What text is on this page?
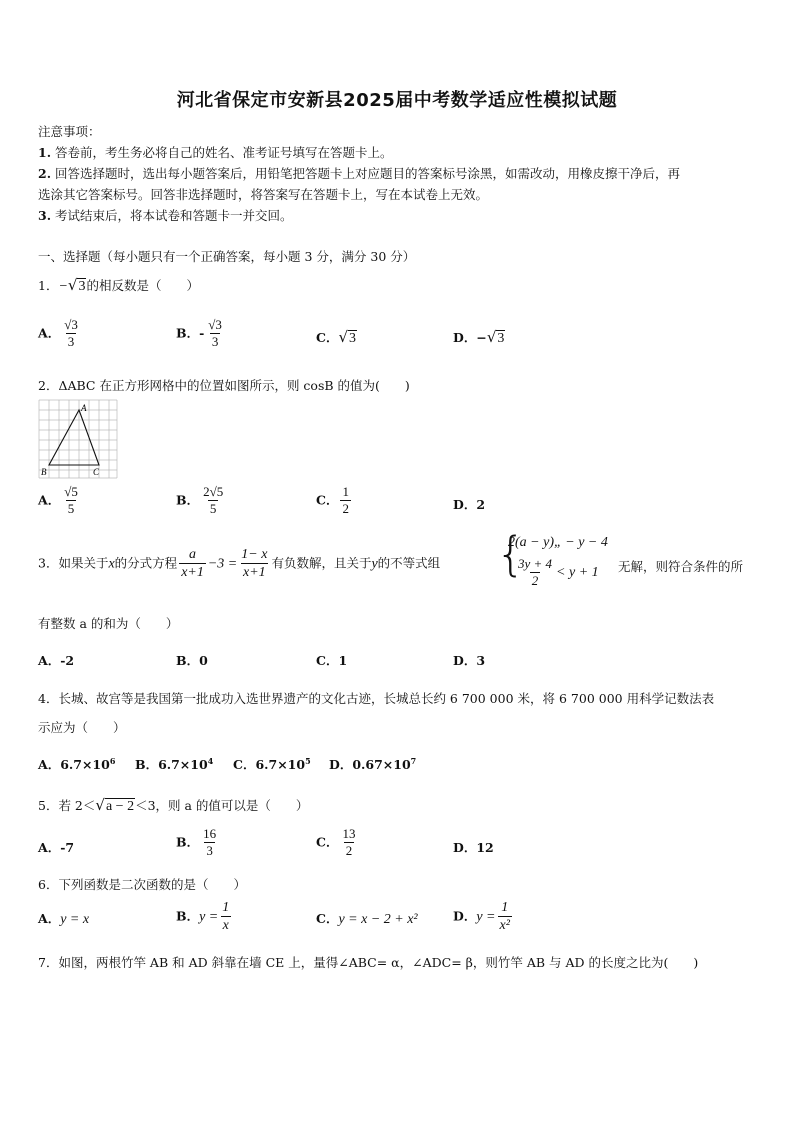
河北省保定市安新县2025届中考数学适应性模拟试题
注意事项：
1. 答卷前，考生务必将自己的姓名、准考证号填写在答题卡上。
2. 回答选择题时，选出每小题答案后，用铅笔把答题卡上对应题目的答案标号涂黑，如需改动，用橡皮擦干净后，再
选涂其它答案标号。回答非选择题时，将答案写在答题卡上，写在本试卷上无效。
3. 考试结束后，将本试卷和答题卡一并交回。
一、选择题（每小题只有一个正确答案，每小题 3 分，满分 30 分）
1．−√3的相反数是（　　）
A． $\frac{√3}{3}$	B．- $\frac{√3}{3}$	C．√3	D．−√3
2．ΔABC 在正方形网格中的位置如图所示，则 cosB 的值为(　　)
A
B	C
A． $\frac{√5}{5}$	B． $\frac{2√5}{5}$	C． $\frac{1}{2}$	D．2
3．如果关于x的分式方程 $\frac{a}{x+1} -3 = \frac{1- x}{x+1}$ 有负数解，且关于y的不等式组 {
2(a − y)„ − y − 4
$\frac{3y + 4}{2} < y + 1$ 无解，则符合条件的所
有整数 a 的和为（　　）
A．-2	B．0	C．1	D．3
4．长城、故宫等是我国第一批成功入选世界遗产的文化古迹，长城总长约 6 700 000 米，将 6 700 000 用科学记数法表
示应为（　　）
A．$6.7\times 10^6$ B．$6.7\times 10^4$ C．$6.7\times 10^5$ D．$0.67\times 10^7$
5．若 2＜√a − 2＜3，则 a 的值可以是（　　）
A．-7	B． $\frac{16}{3}$	C． $\frac{13}{2}$	D．12
6．下列函数是二次函数的是（　　）
A．y = x	B．$y = \frac{1}{x}$	C．y = x − 2 + x²	D．$y = \frac{1}{\text{x²}}$
7．如图，两根竹竿 AB 和 AD 斜靠在墙 CE 上，量得∠ABC= α，∠ADC= β，则竹竿 AB 与 AD 的长度之比为(　　)
